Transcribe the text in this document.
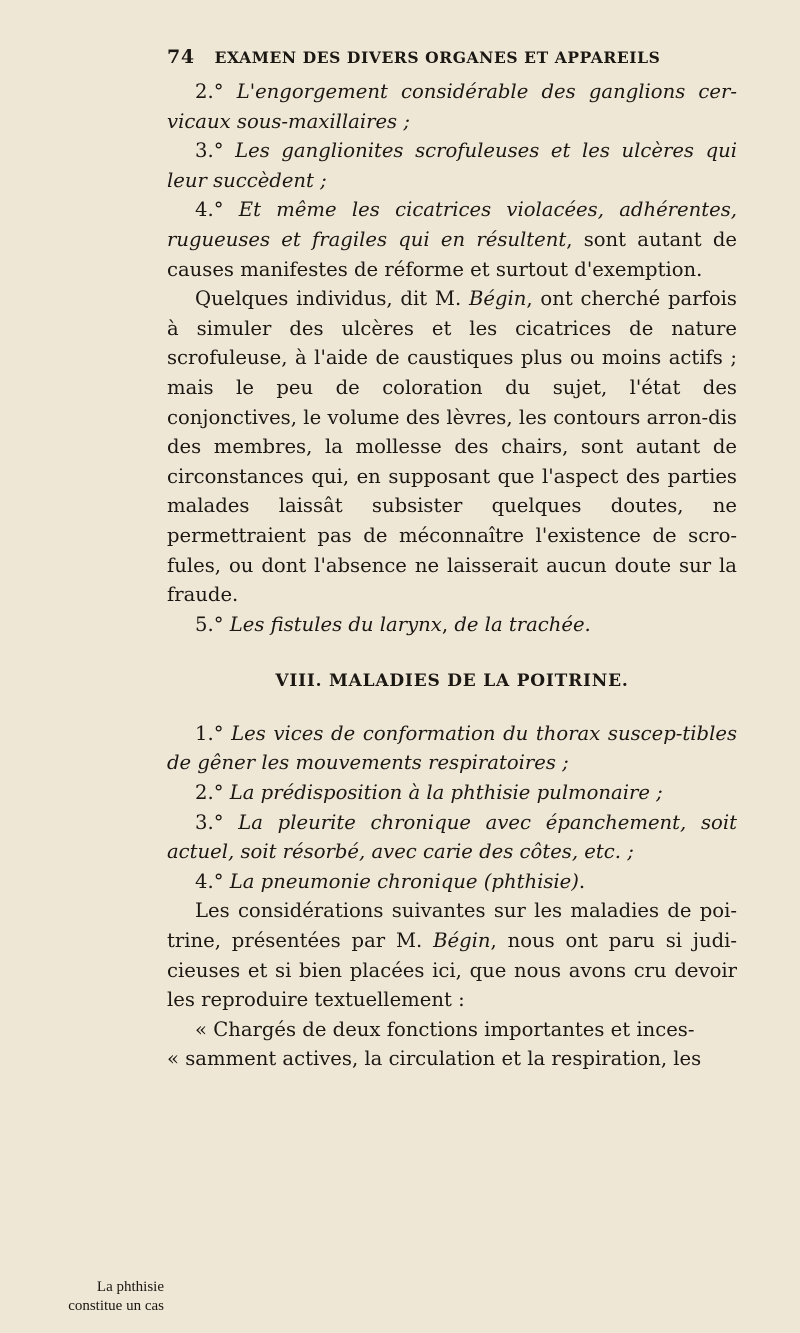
74 EXAMEN DES DIVERS ORGANES ET APPAREILS

2.° L'engorgement considérable des ganglions cer-vicaux sous-maxillaires ;

3.° Les ganglionites scrofuleuses et les ulcères qui leur succèdent ;

4.° Et même les cicatrices violacées, adhérentes, rugueuses et fragiles qui en résultent, sont autant de causes manifestes de réforme et surtout d'exemption.

Quelques individus, dit M. Bégin, ont cherché parfois à simuler des ulcères et les cicatrices de nature scrofuleuse, à l'aide de caustiques plus ou moins actifs ; mais le peu de coloration du sujet, l'état des conjonctives, le volume des lèvres, les contours arron-dis des membres, la mollesse des chairs, sont autant de circonstances qui, en supposant que l'aspect des parties malades laissât subsister quelques doutes, ne permettraient pas de méconnaître l'existence de scro-fules, ou dont l'absence ne laisserait aucun doute sur la fraude.

5.° Les fistules du larynx, de la trachée.

VIII. MALADIES DE LA POITRINE.

1.° Les vices de conformation du thorax suscep-tibles de gêner les mouvements respiratoires ;

2.° La prédisposition à la phthisie pulmonaire ;

3.° La pleurite chronique avec épanchement, soit actuel, soit résorbé, avec carie des côtes, etc. ;

4.° La pneumonie chronique (phthisie).

Les considérations suivantes sur les maladies de poi-trine, présentées par M. Bégin, nous ont paru si judi-cieuses et si bien placées ici, que nous avons cru devoir les reproduire textuellement :

« Chargés de deux fonctions importantes et inces-

« samment actives, la circulation et la respiration, les

La phthisie
constitue un cas
